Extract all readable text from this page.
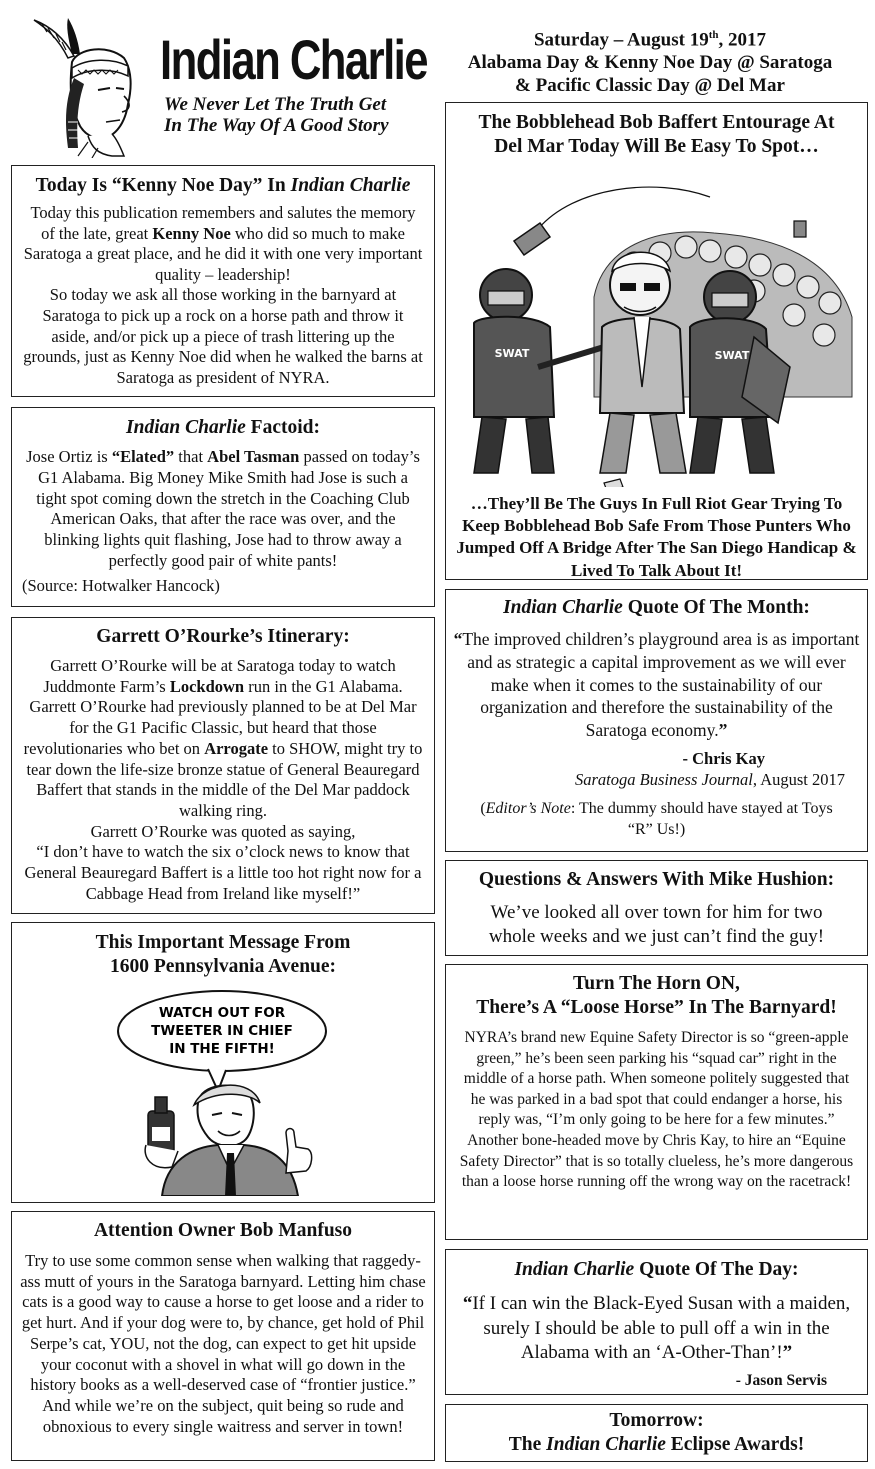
Indian Charlie
We Never Let The Truth Get
In The Way Of A Good Story
Saturday – August 19th, 2017
Alabama Day & Kenny Noe Day @ Saratoga
& Pacific Classic Day @ Del Mar
Today Is “Kenny Noe Day” In Indian Charlie
Today this publication remembers and salutes the memory of the late, great Kenny Noe who did so much to make Saratoga a great place, and he did it with one very important quality – leadership!
So today we ask all those working in the barnyard at Saratoga to pick up a rock on a horse path and throw it aside, and/or pick up a piece of trash littering up the grounds, just as Kenny Noe did when he walked the barns at Saratoga as president of NYRA.
Indian Charlie Factoid:
Jose Ortiz is “Elated” that Abel Tasman passed on today’s G1 Alabama. Big Money Mike Smith had Jose is such a tight spot coming down the stretch in the Coaching Club American Oaks, that after the race was over, and the blinking lights quit flashing, Jose had to throw away a perfectly good pair of white pants!
(Source: Hotwalker Hancock)
Garrett O’Rourke’s Itinerary:
Garrett O’Rourke will be at Saratoga today to watch Juddmonte Farm’s Lockdown run in the G1 Alabama. Garrett O’Rourke had previously planned to be at Del Mar for the G1 Pacific Classic, but heard that those revolutionaries who bet on Arrogate to SHOW, might try to tear down the life-size bronze statue of General Beauregard Baffert that stands in the middle of the Del Mar paddock walking ring.
Garrett O’Rourke was quoted as saying,
“I don’t have to watch the six o’clock news to know that General Beauregard Baffert is a little too hot right now for a Cabbage Head from Ireland like myself!”
This Important Message From
1600 Pennsylvania Avenue:
WATCH OUT FOR
TWEETER IN CHIEF
IN THE FIFTH!
Attention Owner Bob Manfuso
Try to use some common sense when walking that raggedy-ass mutt of yours in the Saratoga barnyard. Letting him chase cats is a good way to cause a horse to get loose and a rider to get hurt. And if your dog were to, by chance, get hold of Phil Serpe’s cat, YOU, not the dog, can expect to get hit upside your coconut with a shovel in what will go down in the history books as a well-deserved case of “frontier justice.”
And while we’re on the subject, quit being so rude and obnoxious to every single waitress and server in town!
The Bobblehead Bob Baffert Entourage At
Del Mar Today Will Be Easy To Spot…
SWAT	SWAT
…They’ll Be The Guys In Full Riot Gear Trying To Keep Bobblehead Bob Safe From Those Punters Who Jumped Off A Bridge After The San Diego Handicap & Lived To Talk About It!
Indian Charlie Quote Of The Month:
“The improved children’s playground area is as important and as strategic a capital improvement as we will ever make when it comes to the sustainability of our organization and therefore the sustainability of the Saratoga economy.”
- Chris Kay
Saratoga Business Journal, August 2017
(Editor’s Note: The dummy should have stayed at Toys “R” Us!)
Questions & Answers With Mike Hushion:
We’ve looked all over town for him for two whole weeks and we just can’t find the guy!
Turn The Horn ON,
There’s A “Loose Horse” In The Barnyard!
NYRA’s brand new Equine Safety Director is so “green-apple green,” he’s been seen parking his “squad car” right in the middle of a horse path. When someone politely suggested that he was parked in a bad spot that could endanger a horse, his reply was, “I’m only going to be here for a few minutes.” Another bone-headed move by Chris Kay, to hire an “Equine Safety Director” that is so totally clueless, he’s more dangerous than a loose horse running off the wrong way on the racetrack!
Indian Charlie Quote Of The Day:
“If I can win the Black-Eyed Susan with a maiden, surely I should be able to pull off a win in the Alabama with an ‘A-Other-Than’!”
- Jason Servis
Tomorrow:
The Indian Charlie Eclipse Awards!
